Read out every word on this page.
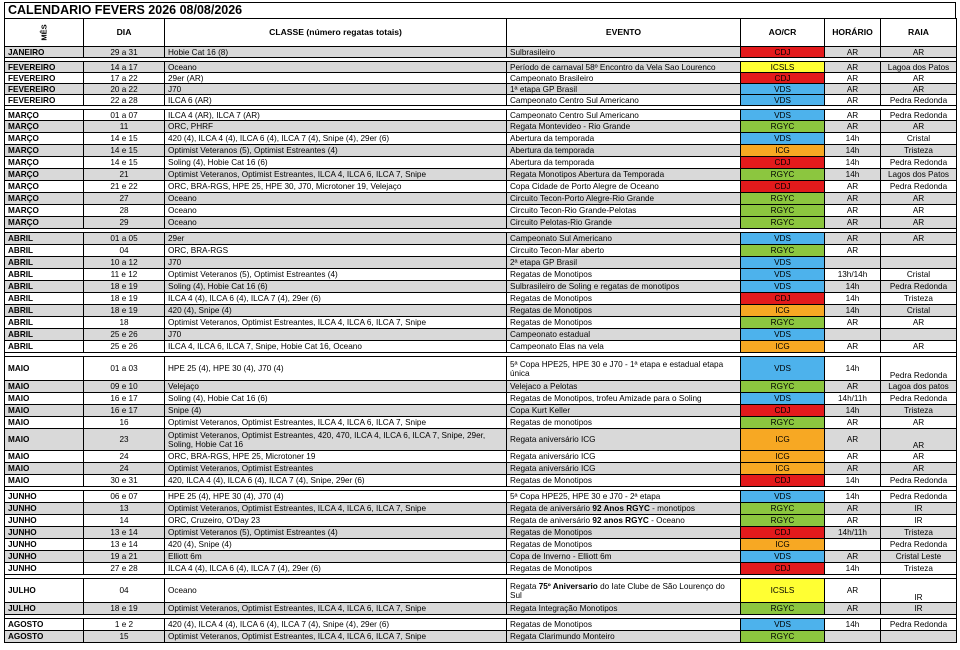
CALENDARIO FEVERS 2026 08/08/2026
MÊS	DIA	CLASSE (número regatas totais)	EVENTO	AO/CR	HORÁRIO	RAIA
JANEIRO	29 a 31	Hobie Cat 16 (8)	Sulbrasileiro	CDJ	AR	AR

FEVEREIRO	14 a 17	Oceano	Período de carnaval 58º Encontro da Vela Sao Lourenco	ICSLS	AR	Lagoa dos Patos
FEVEREIRO	17 a 22	29er (AR)	Campeonato Brasileiro	CDJ	AR	AR
FEVEREIRO	20 a 22	J70	1ª etapa GP Brasil	VDS	AR	AR
FEVEREIRO	22 a 28	ILCA 6 (AR)	Campeonato Centro Sul Americano	VDS	AR	Pedra Redonda

MARÇO	01 a 07	ILCA 4 (AR), ILCA 7 (AR)	Campeonato Centro Sul Americano	VDS	AR	Pedra Redonda
MARÇO	11	ORC, PHRF	Regata Montevideo - Rio Grande	RGYC	AR	AR
MARÇO	14 e 15	420 (4), ILCA 4 (4), ILCA 6 (4), ILCA 7 (4), Snipe (4), 29er (6)	Abertura da temporada	VDS	14h	Cristal
MARÇO	14 e 15	Optimist Veteranos (5), Optimist Estreantes (4)	Abertura da temporada	ICG	14h	Tristeza
MARÇO	14 e 15	Soling (4), Hobie Cat 16 (6)	Abertura da temporada	CDJ	14h	Pedra Redonda
MARÇO	21	Optimist Veteranos, Optimist Estreantes, ILCA 4, ILCA 6, ILCA 7, Snipe	Regata Monotipos Abertura da Temporada	RGYC	14h	Lagos dos Patos
MARÇO	21 e 22	ORC, BRA-RGS, HPE 25, HPE 30, J70, Microtoner 19, Velejaço	Copa Cidade de Porto Alegre de Oceano	CDJ	AR	Pedra Redonda
MARÇO	27	Oceano	Circuito Tecon-Porto Alegre-Rio Grande	RGYC	AR	AR
MARÇO	28	Oceano	Circuito Tecon-Rio Grande-Pelotas	RGYC	AR	AR
MARÇO	29	Oceano	Circuito Pelotas-Rio Grande	RGYC	AR	AR

ABRIL	01 a 05	29er	Campeonato Sul Americano	VDS	AR	AR
ABRIL	04	ORC, BRA-RGS	Circuito Tecon-Mar aberto	RGYC	AR	
ABRIL	10 a 12	J70	2ª etapa GP Brasil	VDS		
ABRIL	11 e 12	Optimist Veteranos (5), Optimist Estreantes (4)	Regatas de Monotipos	VDS	13h/14h	Cristal
ABRIL	18 e 19	Soling (4), Hobie Cat 16 (6)	Sulbrasileiro de Soling e regatas de monotipos	VDS	14h	Pedra Redonda
ABRIL	18 e 19	ILCA 4 (4), ILCA 6 (4), ILCA 7 (4), 29er (6)	Regatas de Monotipos	CDJ	14h	Tristeza
ABRIL	18 e 19	420 (4), Snipe (4)	Regatas de Monotipos	ICG	14h	Cristal
ABRIL	18	Optimist Veteranos, Optimist Estreantes, ILCA 4, ILCA 6, ILCA 7, Snipe	Regatas de Monotipos	RGYC	AR	AR
ABRIL	25 e 26	J70	Campeonato estadual	VDS		
ABRIL	25 e 26	ILCA 4, ILCA 6, ILCA 7, Snipe, Hobie Cat 16, Oceano	Campeonato Elas na vela	ICG	AR	AR

MAIO	01 a 03	HPE 25 (4), HPE 30 (4), J70 (4)	5ª Copa HPE25, HPE 30 e J70 - 1ª etapa e estadual etapa única	VDS	14h	Pedra Redonda
MAIO	09 e 10	Velejaço	Velejaco a Pelotas	RGYC	AR	Lagoa dos patos
MAIO	16 e 17	Soling (4), Hobie Cat 16 (6)	Regatas de Monotipos, trofeu Amizade para o Soling	VDS	14h/11h	Pedra Redonda
MAIO	16 e 17	Snipe (4)	Copa Kurt Keller	CDJ	14h	Tristeza
MAIO	16	Optimist Veteranos, Optimist Estreantes, ILCA 4, ILCA 6, ILCA 7, Snipe	Regatas de monotipos	RGYC	AR	AR
MAIO	23	Optimist Veteranos, Optimist Estreantes, 420, 470, ILCA 4, ILCA 6, ILCA 7, Snipe, 29er, Soling, Hobie Cat 16	Regata aniversário ICG	ICG	AR	AR
MAIO	24	ORC, BRA-RGS, HPE 25, Microtoner 19	Regata aniversário ICG	ICG	AR	AR
MAIO	24	Optimist Veteranos, Optimist Estreantes	Regata aniversário ICG	ICG	AR	AR
MAIO	30 e 31	420, ILCA 4 (4), ILCA 6 (4), ILCA 7 (4), Snipe, 29er (6)	Regatas de Monotipos	CDJ	14h	Pedra Redonda

JUNHO	06 e 07	HPE 25 (4), HPE 30 (4), J70 (4)	5ª Copa HPE25, HPE 30 e J70 - 2ª etapa	VDS	14h	Pedra Redonda
JUNHO	13	Optimist Veteranos, Optimist Estreantes, ILCA 4, ILCA 6, ILCA 7, Snipe	Regata de aniversário 92 Anos RGYC - monotipos	RGYC	AR	IR
JUNHO	14	ORC, Cruzeiro, O'Day 23	Regata de aniversário 92 anos RGYC - Oceano	RGYC	AR	IR
JUNHO	13 e 14	Optimist Veteranos (5), Optimist Estreantes (4)	Regatas de Monotipos	CDJ	14h/11h	Tristeza
JUNHO	13 e 14	420 (4), Snipe (4)	Regatas de Monotipos	ICG		Pedra Redonda
JUNHO	19 a 21	Elliott 6m	Copa de Inverno - Elliott 6m	VDS	AR	Cristal Leste
JUNHO	27 e 28	ILCA 4 (4), ILCA 6 (4), ILCA 7 (4), 29er (6)	Regatas de Monotipos	CDJ	14h	Tristeza

JULHO	04	Oceano	Regata 75º Aniversario do Iate Clube de São Lourenço do Sul	ICSLS	AR	IR
JULHO	18 e 19	Optimist Veteranos, Optimist Estreantes, ILCA 4, ILCA 6, ILCA 7, Snipe	Regata Integração Monotipos	RGYC	AR	IR

AGOSTO	1 e 2	420 (4), ILCA 4 (4), ILCA 6 (4), ILCA 7 (4), Snipe (4), 29er (6)	Regatas de Monotipos	VDS	14h	Pedra Redonda
AGOSTO	15	Optimist Veteranos, Optimist Estreantes, ILCA 4, ILCA 6, ILCA 7, Snipe	Regata Clarimundo Monteiro	RGYC		
